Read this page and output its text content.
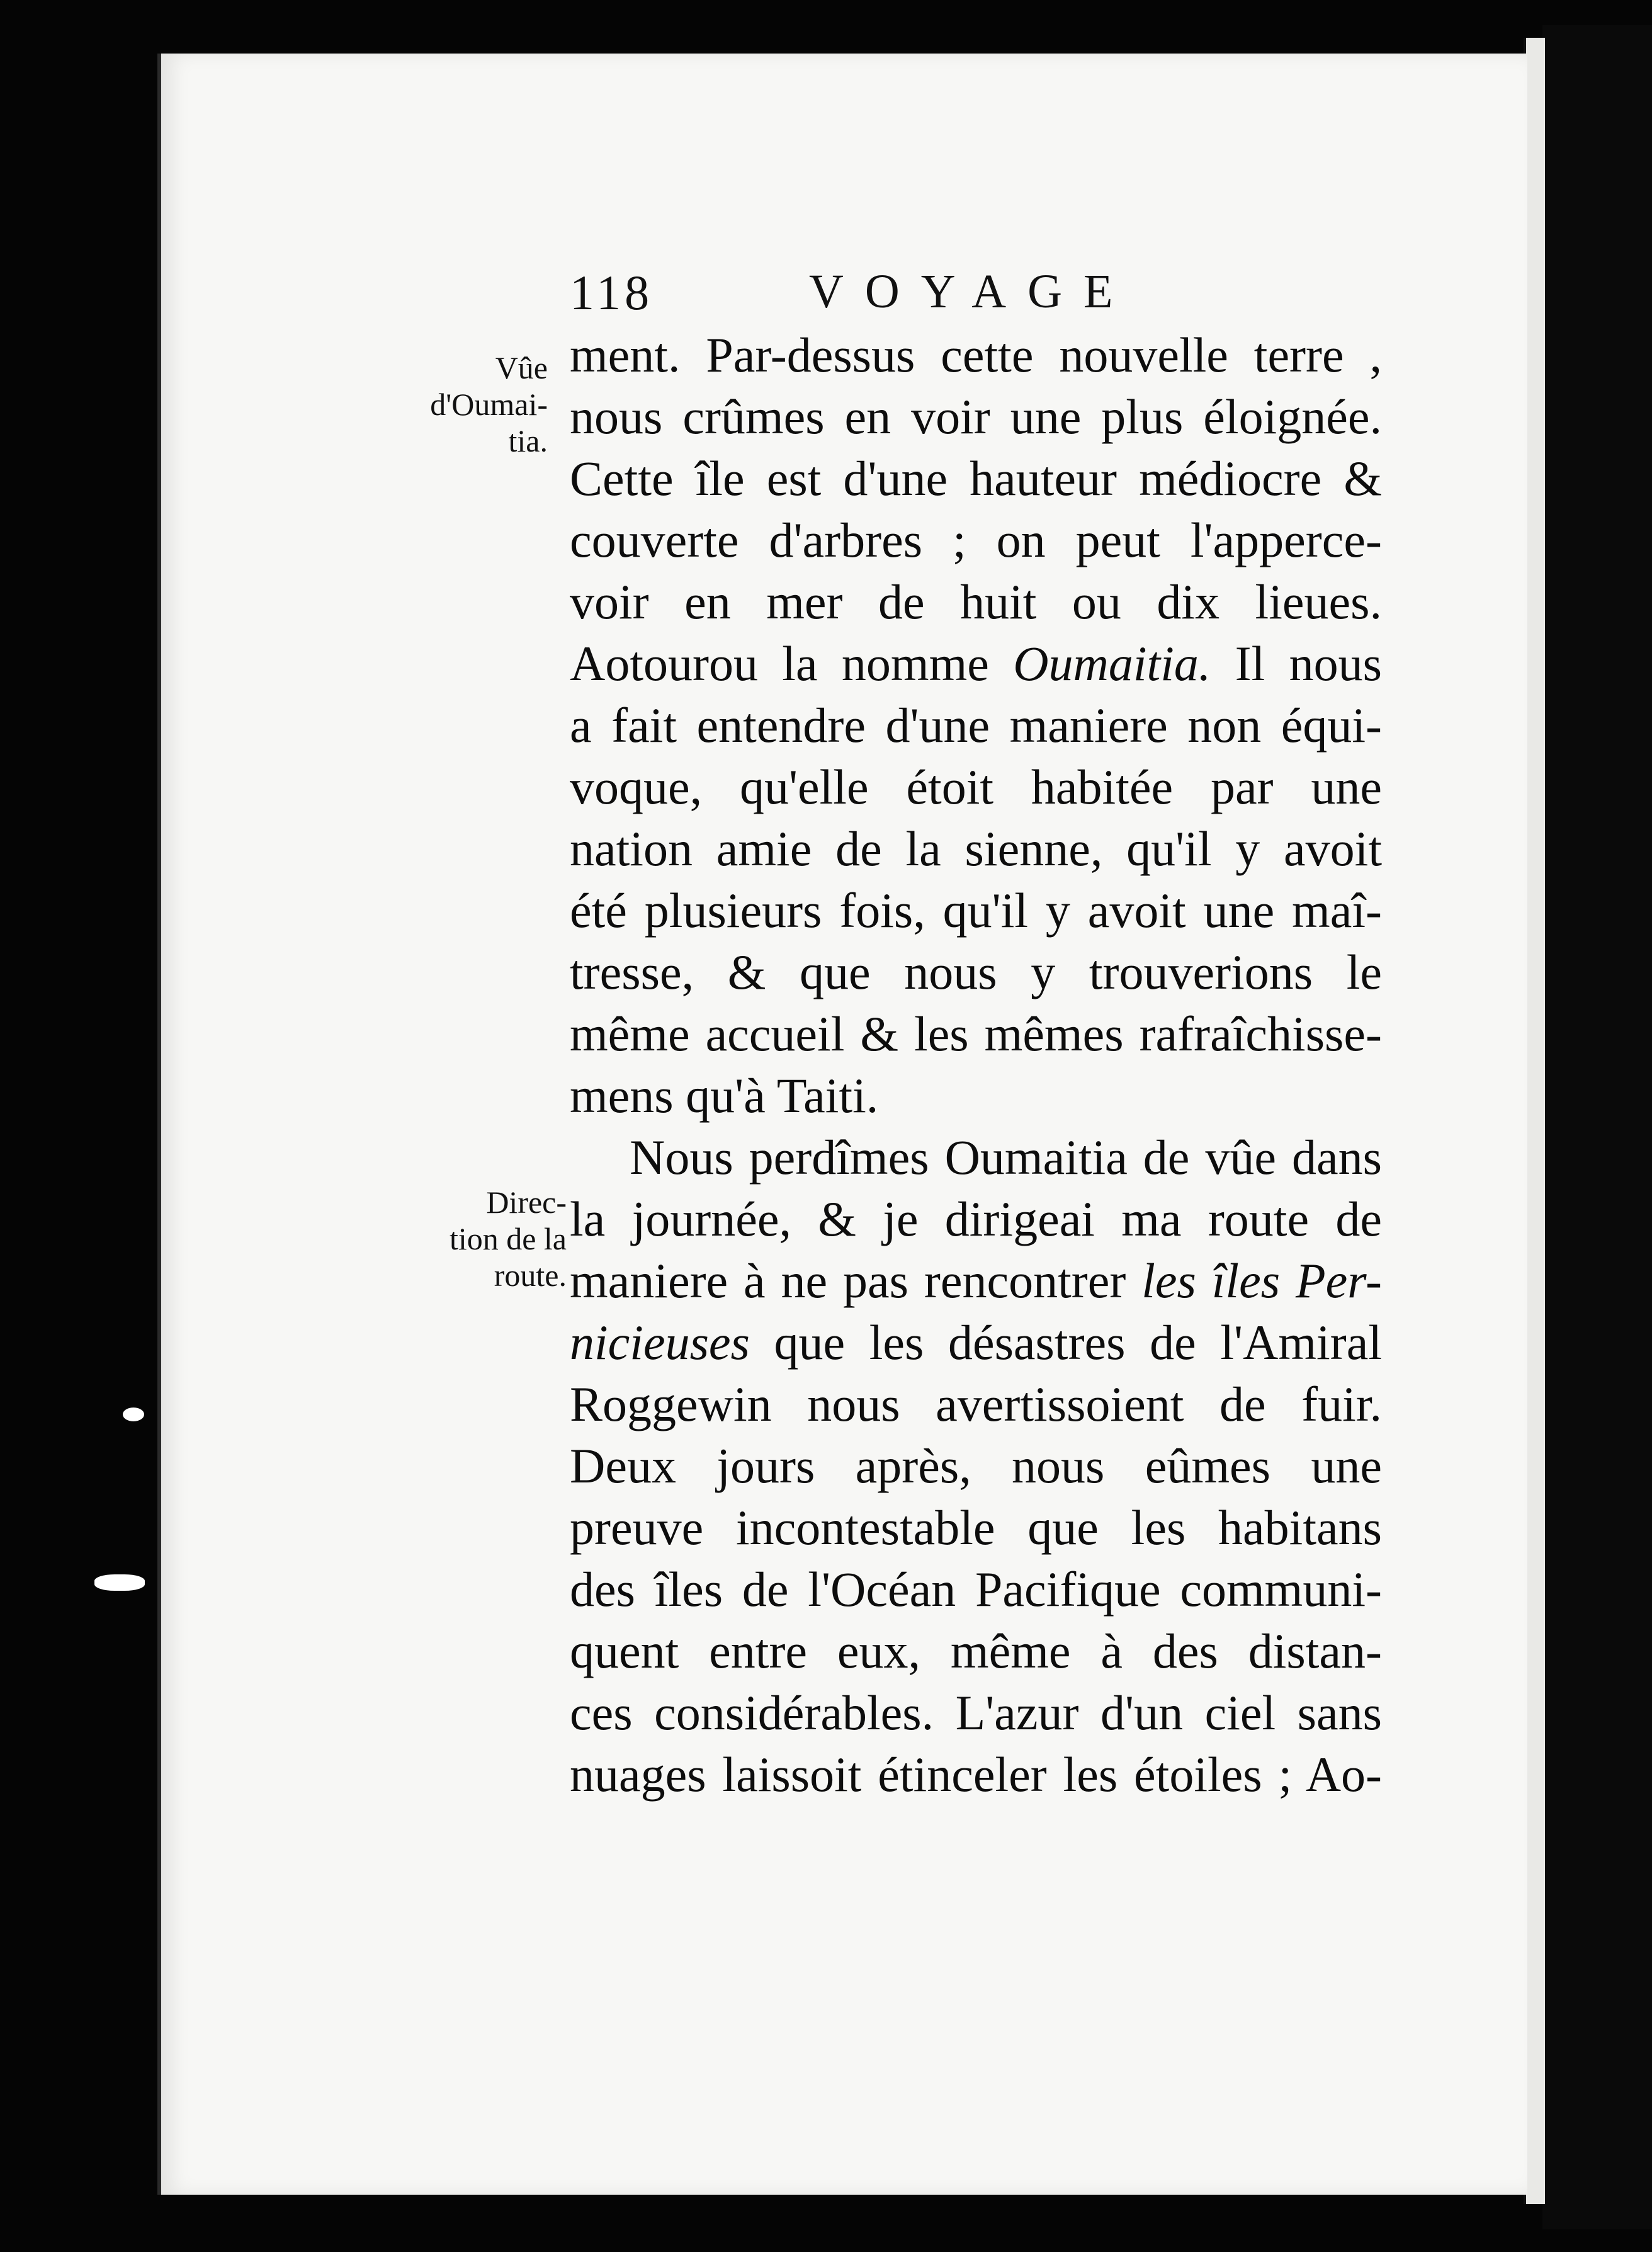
118	VOYAGE
Vûe
d'Oumai-
tia.
Direc-
tion de la
route.
ment. Par-dessus cette nouvelle terre ,
nous crûmes en voir une plus éloignée.
Cette île est d'une hauteur médiocre &
couverte d'arbres ; on peut l'apperce-
voir en mer de huit ou dix lieues.
Aotourou la nomme Oumaitia. Il nous
a fait entendre d'une maniere non équi-
voque, qu'elle étoit habitée par une
nation amie de la sienne, qu'il y avoit
été plusieurs fois, qu'il y avoit une maî-
tresse, & que nous y trouverions le
même accueil & les mêmes rafraîchisse-
mens qu'à Taiti.
Nous perdîmes Oumaitia de vûe dans
la journée, & je dirigeai ma route de
maniere à ne pas rencontrer les îles Per-
nicieuses que les désastres de l'Amiral
Roggewin nous avertissoient de fuir.
Deux jours après, nous eûmes une
preuve incontestable que les habitans
des îles de l'Océan Pacifique communi-
quent entre eux, même à des distan-
ces considérables. L'azur d'un ciel sans
nuages laissoit étinceler les étoiles ; Ao-
